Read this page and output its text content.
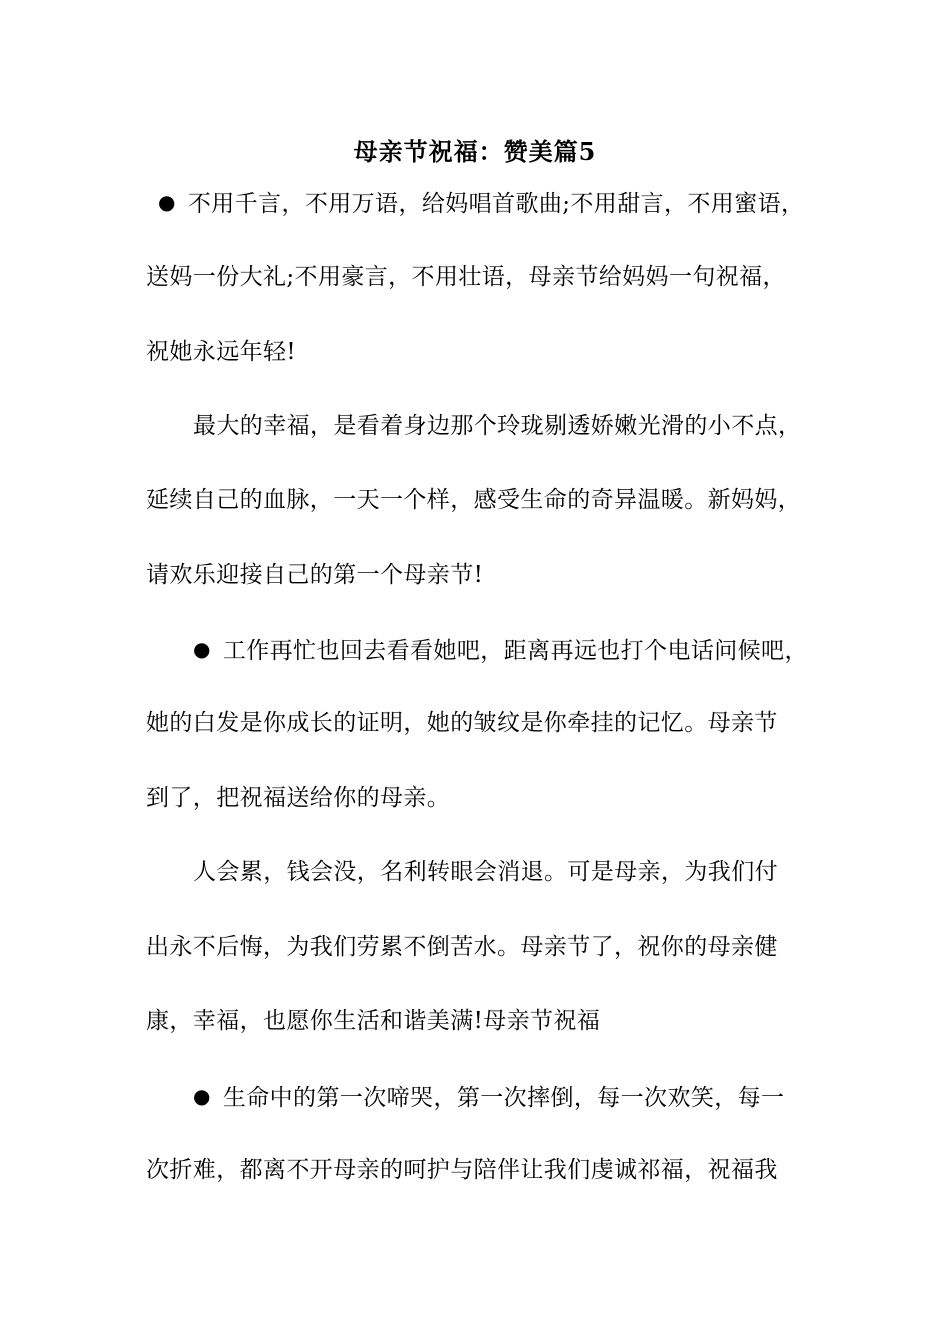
母亲节祝福：赞美篇5
● 不用千言，不用万语，给妈唱首歌曲;不用甜言，不用蜜语，
送妈一份大礼;不用豪言，不用壮语，母亲节给妈妈一句祝福，
祝她永远年轻!
最大的幸福，是看着身边那个玲珑剔透娇嫩光滑的小不点，
延续自己的血脉，一天一个样，感受生命的奇异温暖。新妈妈，
请欢乐迎接自己的第一个母亲节!
● 工作再忙也回去看看她吧，距离再远也打个电话问候吧，
她的白发是你成长的证明，她的皱纹是你牵挂的记忆。母亲节
到了，把祝福送给你的母亲。
人会累，钱会没，名利转眼会消退。可是母亲，为我们付
出永不后悔，为我们劳累不倒苦水。母亲节了，祝你的母亲健
康，幸福，也愿你生活和谐美满!母亲节祝福
● 生命中的第一次啼哭，第一次摔倒，每一次欢笑，每一
次折难，都离不开母亲的呵护与陪伴让我们虔诚祁福，祝福我
